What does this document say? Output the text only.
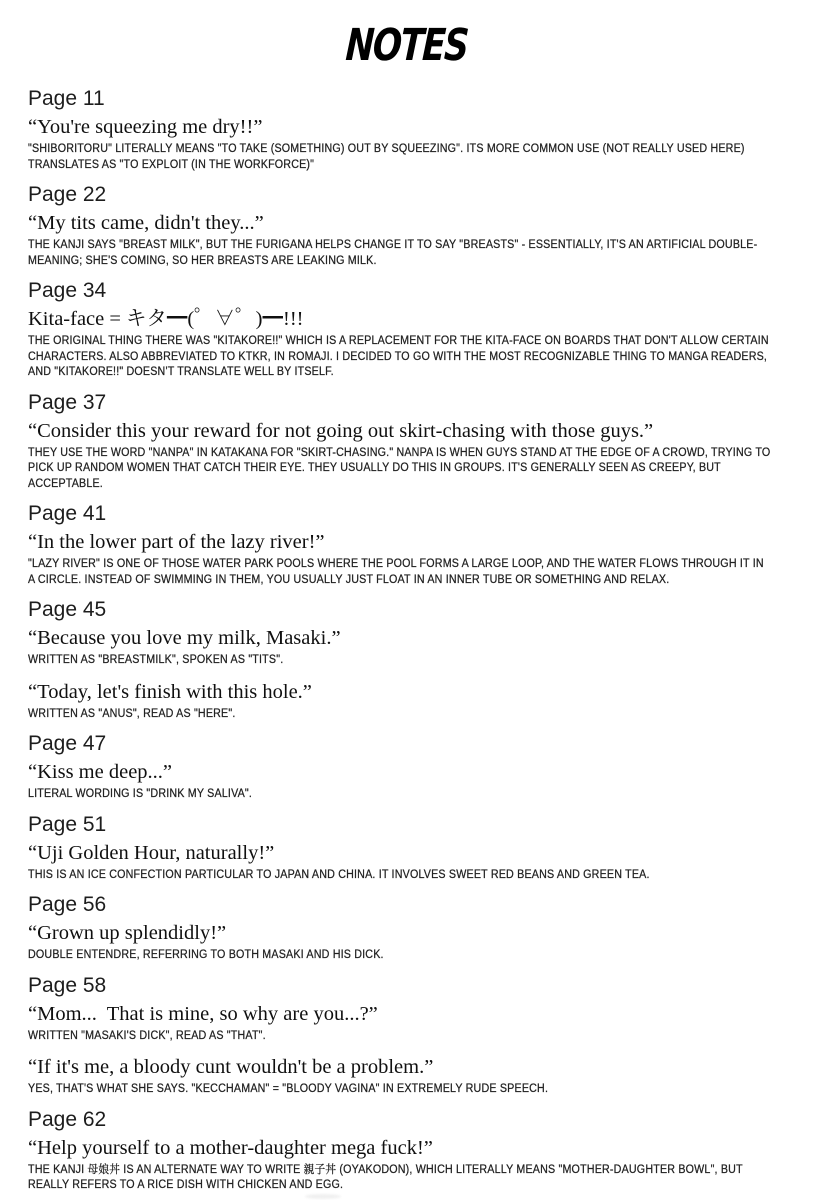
NOTES
Page 11
“You're squeezing me dry!!”
"SHIBORITORU" LITERALLY MEANS "TO TAKE (SOMETHING) OUT BY SQUEEZING". ITS MORE COMMON USE (NOT REALLY USED HERE) TRANSLATES AS "TO EXPLOIT (IN THE WORKFORCE)"
Page 22
“My tits came, didn't they...”
THE KANJI SAYS "BREAST MILK", BUT THE FURIGANA HELPS CHANGE IT TO SAY "BREASTS" - ESSENTIALLY, IT'S AN ARTIFICIAL DOUBLE-MEANING; SHE'S COMING, SO HER BREASTS ARE LEAKING MILK.
Page 34
Kita-face = キタ━(゜∀゜)━!!!
THE ORIGINAL THING THERE WAS "KITAKORE!!" WHICH IS A REPLACEMENT FOR THE KITA-FACE ON BOARDS THAT DON'T ALLOW CERTAIN CHARACTERS. ALSO ABBREVIATED TO KTKR, IN ROMAJI. I DECIDED TO GO WITH THE MOST RECOGNIZABLE THING TO MANGA READERS, AND "KITAKORE!!" DOESN'T TRANSLATE WELL BY ITSELF.
Page 37
“Consider this your reward for not going out skirt-chasing with those guys.”
THEY USE THE WORD "NANPA" IN KATAKANA FOR "SKIRT-CHASING." NANPA IS WHEN GUYS STAND AT THE EDGE OF A CROWD, TRYING TO PICK UP RANDOM WOMEN THAT CATCH THEIR EYE. THEY USUALLY DO THIS IN GROUPS. IT'S GENERALLY SEEN AS CREEPY, BUT ACCEPTABLE.
Page 41
“In the lower part of the lazy river!”
"LAZY RIVER" IS ONE OF THOSE WATER PARK POOLS WHERE THE POOL FORMS A LARGE LOOP, AND THE WATER FLOWS THROUGH IT IN A CIRCLE. INSTEAD OF SWIMMING IN THEM, YOU USUALLY JUST FLOAT IN AN INNER TUBE OR SOMETHING AND RELAX.
Page 45
“Because you love my milk, Masaki.”
WRITTEN AS "BREASTMILK", SPOKEN AS "TITS".
“Today, let's finish with this hole.”
WRITTEN AS "ANUS", READ AS "HERE".
Page 47
“Kiss me deep...”
LITERAL WORDING IS "DRINK MY SALIVA".
Page 51
“Uji Golden Hour, naturally!”
THIS IS AN ICE CONFECTION PARTICULAR TO JAPAN AND CHINA. IT INVOLVES SWEET RED BEANS AND GREEN TEA.
Page 56
“Grown up splendidly!”
DOUBLE ENTENDRE, REFERRING TO BOTH MASAKI AND HIS DICK.
Page 58
“Mom...  That is mine, so why are you...?”
WRITTEN "MASAKI'S DICK", READ AS "THAT".
“If it's me, a bloody cunt wouldn't be a problem.”
YES, THAT'S WHAT SHE SAYS. "KECCHAMAN" = "BLOODY VAGINA" IN EXTREMELY RUDE SPEECH.
Page 62
“Help yourself to a mother-daughter mega fuck!”
THE KANJI 母娘丼 IS AN ALTERNATE WAY TO WRITE 親子丼 (OYAKODON), WHICH LITERALLY MEANS "MOTHER-DAUGHTER BOWL", BUT REALLY REFERS TO A RICE DISH WITH CHICKEN AND EGG.
